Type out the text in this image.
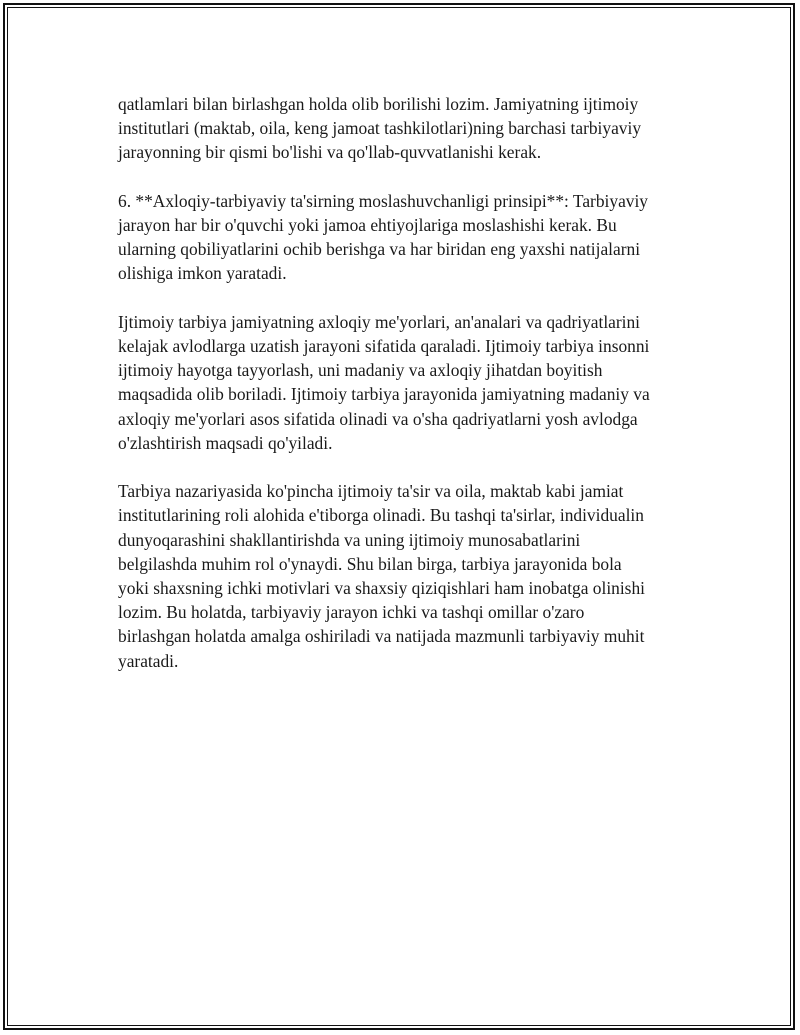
qatlamlari bilan birlashgan holda olib borilishi lozim. Jamiyatning ijtimoiy
institutlari (maktab, oila, keng jamoat tashkilotlari)ning barchasi tarbiyaviy
jarayonning bir qismi bo'lishi va qo'llab-quvvatlanishi kerak.

6. **Axloqiy-tarbiyaviy ta'sirning moslashuvchanligi prinsipi**: Tarbiyaviy
jarayon har bir o'quvchi yoki jamoa ehtiyojlariga moslashishi kerak. Bu
ularning qobiliyatlarini ochib berishga va har biridan eng yaxshi natijalarni
olishiga imkon yaratadi.

Ijtimoiy tarbiya jamiyatning axloqiy me'yorlari, an'analari va qadriyatlarini
kelajak avlodlarga uzatish jarayoni sifatida qaraladi. Ijtimoiy tarbiya insonni
ijtimoiy hayotga tayyorlash, uni madaniy va axloqiy jihatdan boyitish
maqsadida olib boriladi. Ijtimoiy tarbiya jarayonida jamiyatning madaniy va
axloqiy me'yorlari asos sifatida olinadi va o'sha qadriyatlarni yosh avlodga
o'zlashtirish maqsadi qo'yiladi.

Tarbiya nazariyasida ko'pincha ijtimoiy ta'sir va oila, maktab kabi jamiat
institutlarining roli alohida e'tiborga olinadi. Bu tashqi ta'sirlar, individualin
dunyoqarashini shakllantirishda va uning ijtimoiy munosabatlarini
belgilashda muhim rol o'ynaydi. Shu bilan birga, tarbiya jarayonida bola
yoki shaxsning ichki motivlari va shaxsiy qiziqishlari ham inobatga olinishi
lozim. Bu holatda, tarbiyaviy jarayon ichki va tashqi omillar o'zaro
birlashgan holatda amalga oshiriladi va natijada mazmunli tarbiyaviy muhit
yaratadi.
